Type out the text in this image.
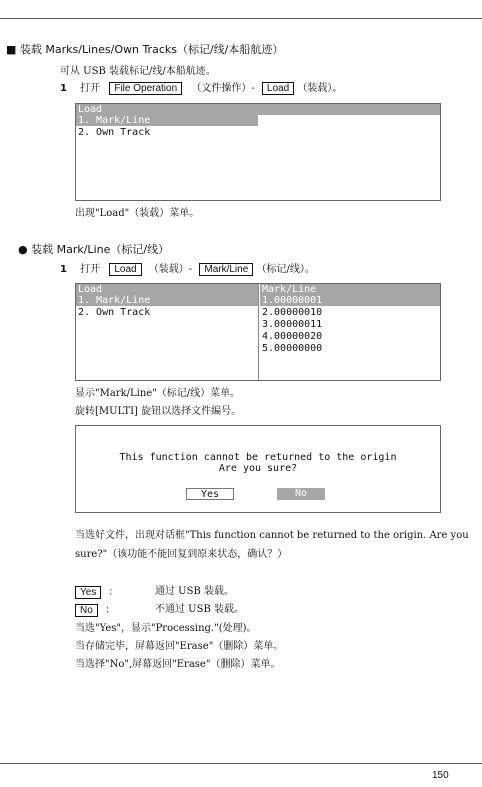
■ 装载 Marks/Lines/Own Tracks（标记/线/本船航迹）
可从 USB 装载标记/线/本船航迹。
1 打开 File Operation （文件操作）- Load （装载）。
Load
1. Mark/Line
2. Own Track
出现"Load"（装载）菜单。
● 装载 Mark/Line（标记/线）
1 打开 Load （装载）- Mark/Line （标记/线）。
Load	Mark/Line
1. Mark/Line
2. Own Track
1.00000001
2.00000010
3.00000011
4.00000020
5.00000000
显示"Mark/Line"（标记/线）菜单。
旋转[MULTI] 旋钮以选择文件编号。
This function cannot be returned to the origin
Are you sure?
Yes	No
当选好文件，出现对话框"This function cannot be returned to the origin. Are you
sure?"（该功能不能回复到原来状态，确认？）
Yes ：	通过 USB 装载。
No ：	不通过 USB 装载。
当选"Yes"，显示"Processing."(处理)。
当存储完毕，屏幕返回"Erase"（删除）菜单。
当选择"No",屏幕返回"Erase"（删除）菜单。
150
